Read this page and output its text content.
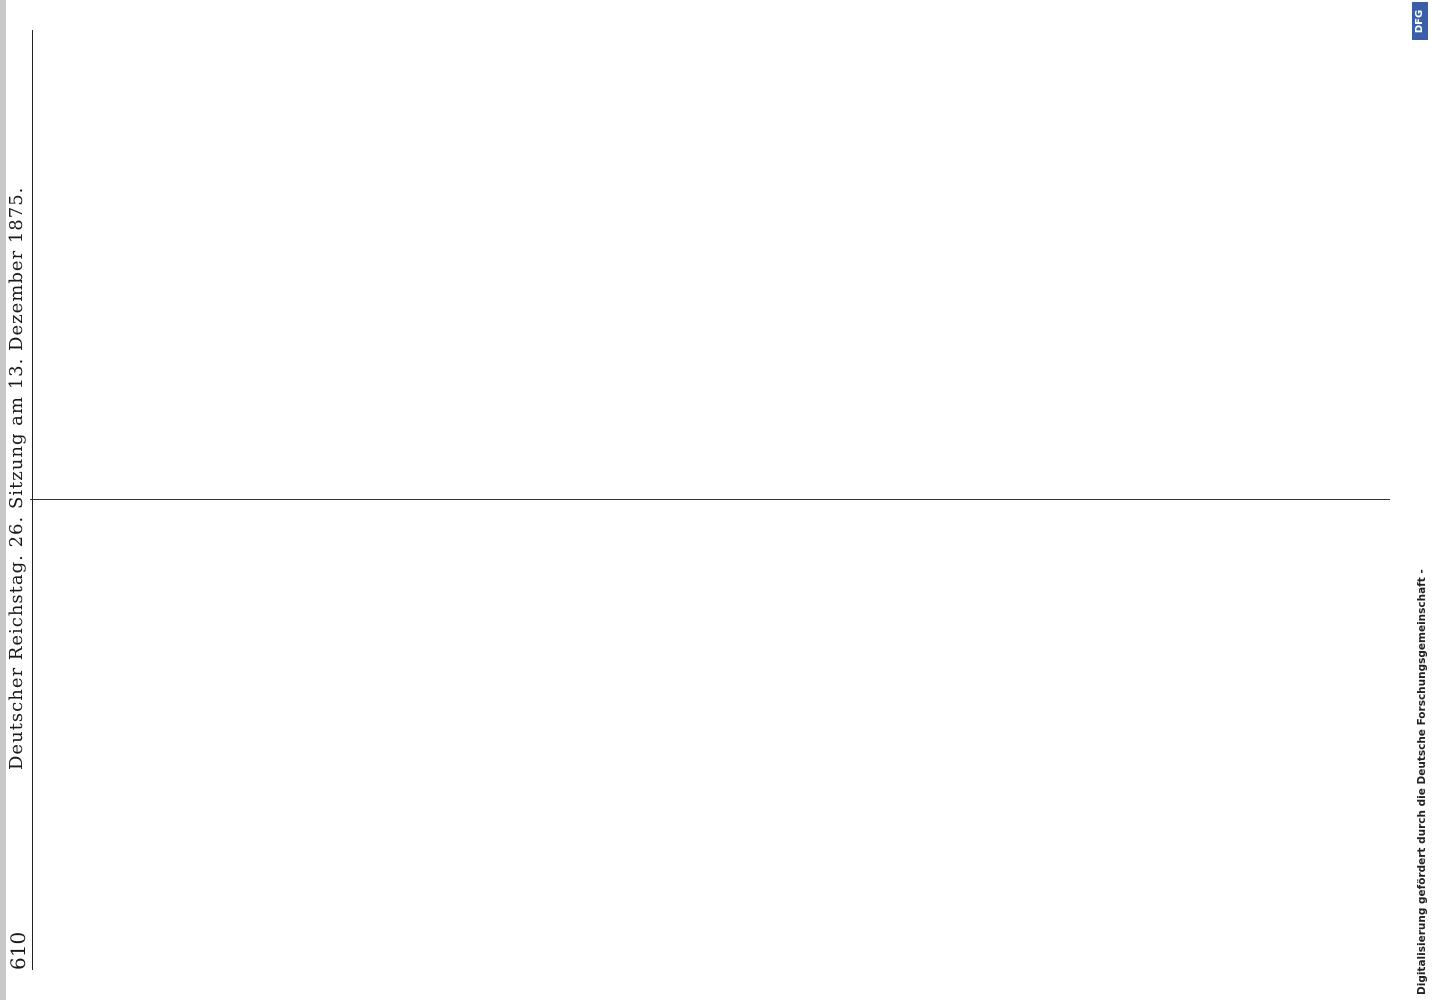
610
Deutscher Reichstag. 26. Sitzung am 13. Dezember 1875.
Digitalisierung gefördert durch die Deutsche Forschungsgemeinschaft -
DFG
